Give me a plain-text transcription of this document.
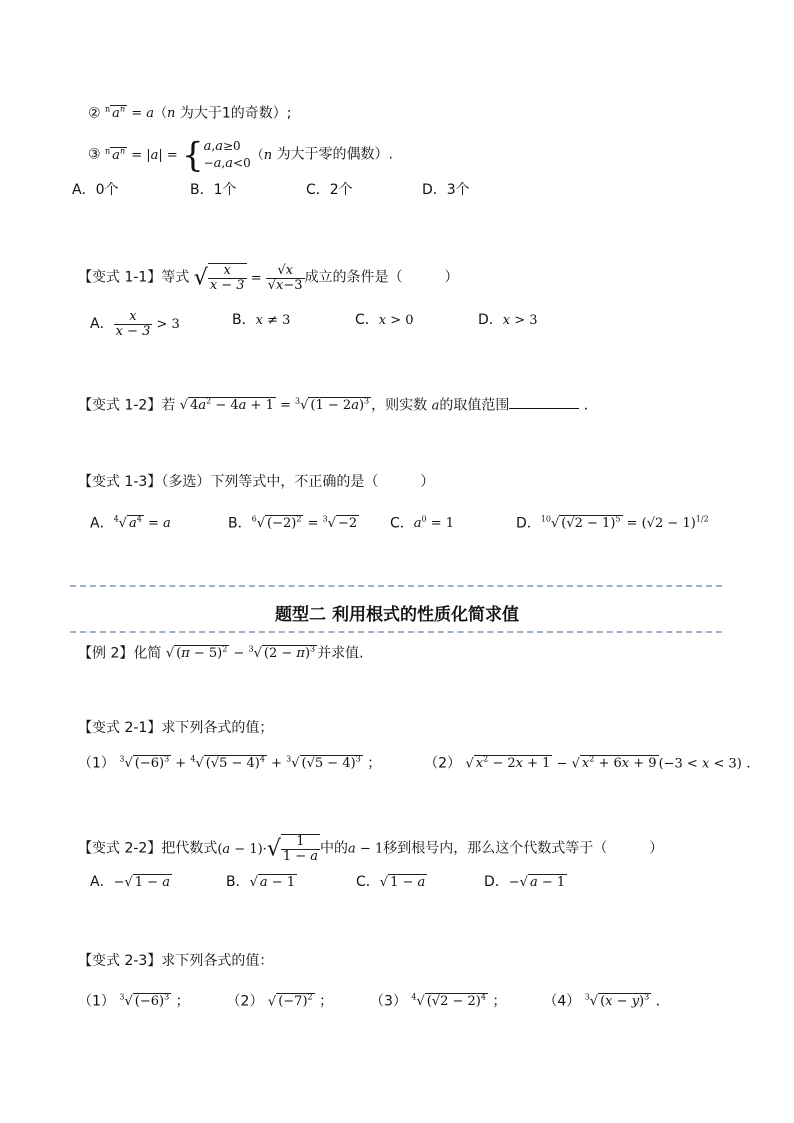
② $^n$ $a^n = a(n$ 为大于1的奇数）;
③ $^n$ $a^n = |a| = \{a,a\ge 0$
−a,a<0（n 为大于零的偶数）.
A．0个	B．1个	C．2个	D．3个
【变式 1-1】等式 √ $\frac{x}{x - 3} = \frac{√x}{√x-3}$ 成立的条件是（　　　）
A． $\frac{x}{x - 3} > 3$	B．x ≠ 3	C．x > 0	D．x > 3
【变式 1-2】若 √ $4a^2 - 4a + 1 = ^3√$ $(1 - 2a)^3$ ，则实数 a的取值范围	．
【变式 1-3】（多选）下列等式中，不正确的是（　　　）
A．$^4$√ $a^4 = a$	B．$^6$√ $(-2)^2 = ^3√ -2$ C．$a^0 = 1$	D．$^{10}$√ $(√2 - 1)^5 = (√2 - 1)^{1/2}$
题型二 利用根式的性质化简求值
【例 2】化简 √ $(\pi - 5)^2 - ^3√$ $(2 - \pi)^3$ 并求值.
【变式 2-1】求下列各式的值；
（1） $^3$√ $(-6)^3 + ^4√$ $(√5 - 4)^4 + ^3√$ $(√5 - 4)^3$ ；	（2） √ $x^2 - 2x + 1$ − √ $x^2 + 6x + 9$ (−3 < x < 3) ．
【变式 2-2】把代数式$(a - 1)\cdot√ \frac{1}{1 - a}$ 中的a − 1移到根号内，那么这个代数式等于（　　　）
A．−√ 1 − a	B．√ a − 1	C．√ 1 − a	D．−√ a − 1
【变式 2-3】求下列各式的值：
（1） $^3$√ $(-6)^3$ ；	（2） √ $(-7)^2$ ；	（3） $^4$√ $(√2 - 2)^4$ ；	（4） $^3$√ $(x - y)^3$ ．
